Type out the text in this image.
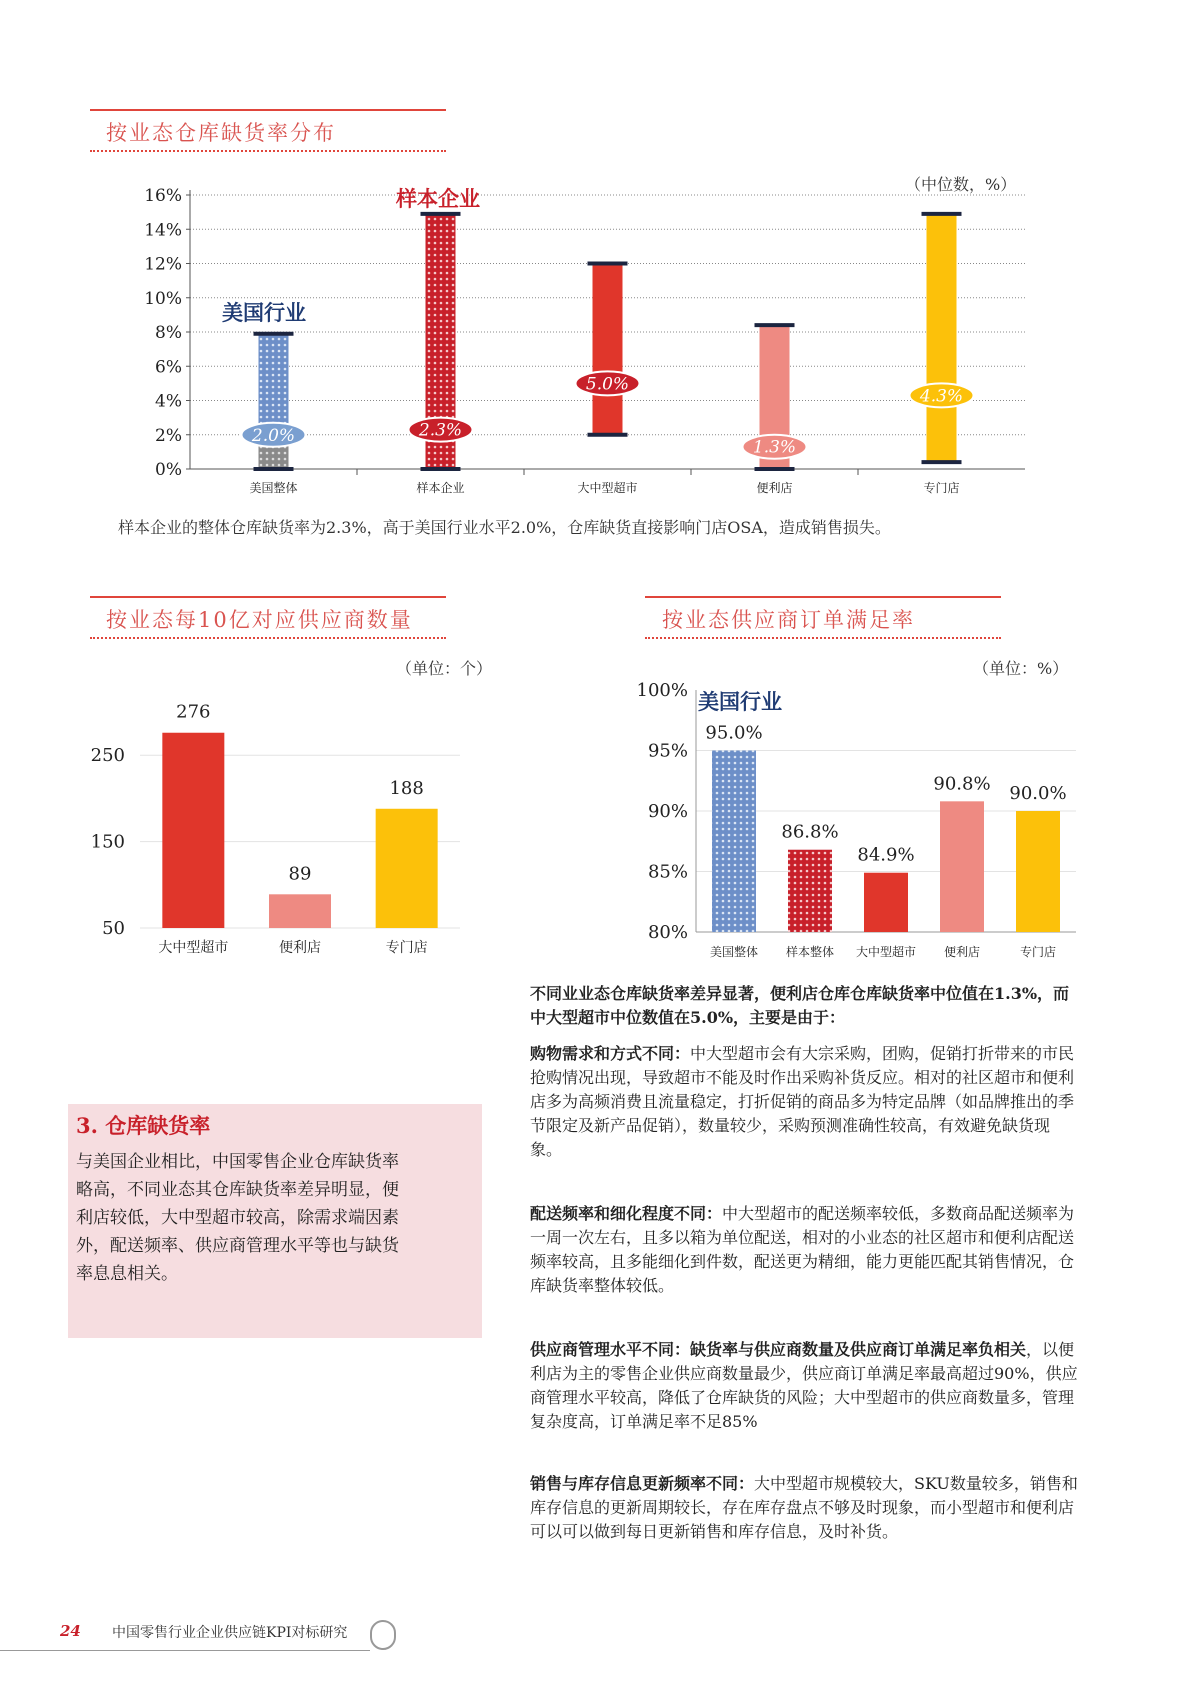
按业态仓库缺货率分布
（中位数，%）
0%
2%
4%
6%
8%
10%
12%
14%
16%
2.0%	2.3%
5.0%
1.3%
4.3%
美国整体	样本企业	大中型超市	便利店	专门店
美国行业
样本企业
样本企业的整体仓库缺货率为2.3%，高于美国行业水平2.0%，仓库缺货直接影响门店OSA，造成销售损失。
按业态每10亿对应供应商数量
（单位：个）
按业态供应商订单满足率
（单位：%）
50
150
250
276
89
188
大中型超市	便利店	专门店
80%
85%
90%
95%
100%
95.0%
86.8%
84.9%
90.8% 90.0%
美国整体 样本整体 大中型超市 便利店	专门店
美国行业
不同业业态仓库缺货率差异显著，便利店仓库仓库缺货率中位值在1.3%，而中大型超市中位数值在5.0%，主要是由于：
购物需求和方式不同：中大型超市会有大宗采购，团购，促销打折带来的市民抢购情况出现，导致超市不能及时作出采购补货反应。相对的社区超市和便利店多为高频消费且流量稳定，打折促销的商品多为特定品牌（如品牌推出的季节限定及新产品促销），数量较少，采购预测准确性较高，有效避免缺货现象。
配送频率和细化程度不同：中大型超市的配送频率较低，多数商品配送频率为一周一次左右，且多以箱为单位配送，相对的小业态的社区超市和便利店配送频率较高，且多能细化到件数，配送更为精细，能力更能匹配其销售情况，仓库缺货率整体较低。
供应商管理水平不同：缺货率与供应商数量及供应商订单满足率负相关，以便利店为主的零售企业供应商数量最少，供应商订单满足率最高超过90%，供应商管理水平较高，降低了仓库缺货的风险；大中型超市的供应商数量多，管理复杂度高，订单满足率不足85%
销售与库存信息更新频率不同：大中型超市规模较大，SKU数量较多，销售和库存信息的更新周期较长，存在库存盘点不够及时现象，而小型超市和便利店可以可以做到每日更新销售和库存信息，及时补货。
3. 仓库缺货率
与美国企业相比，中国零售企业仓库缺货率略高，不同业态其仓库缺货率差异明显，便利店较低，大中型超市较高，除需求端因素外，配送频率、供应商管理水平等也与缺货率息息相关。
24 中国零售行业企业供应链KPI对标研究
